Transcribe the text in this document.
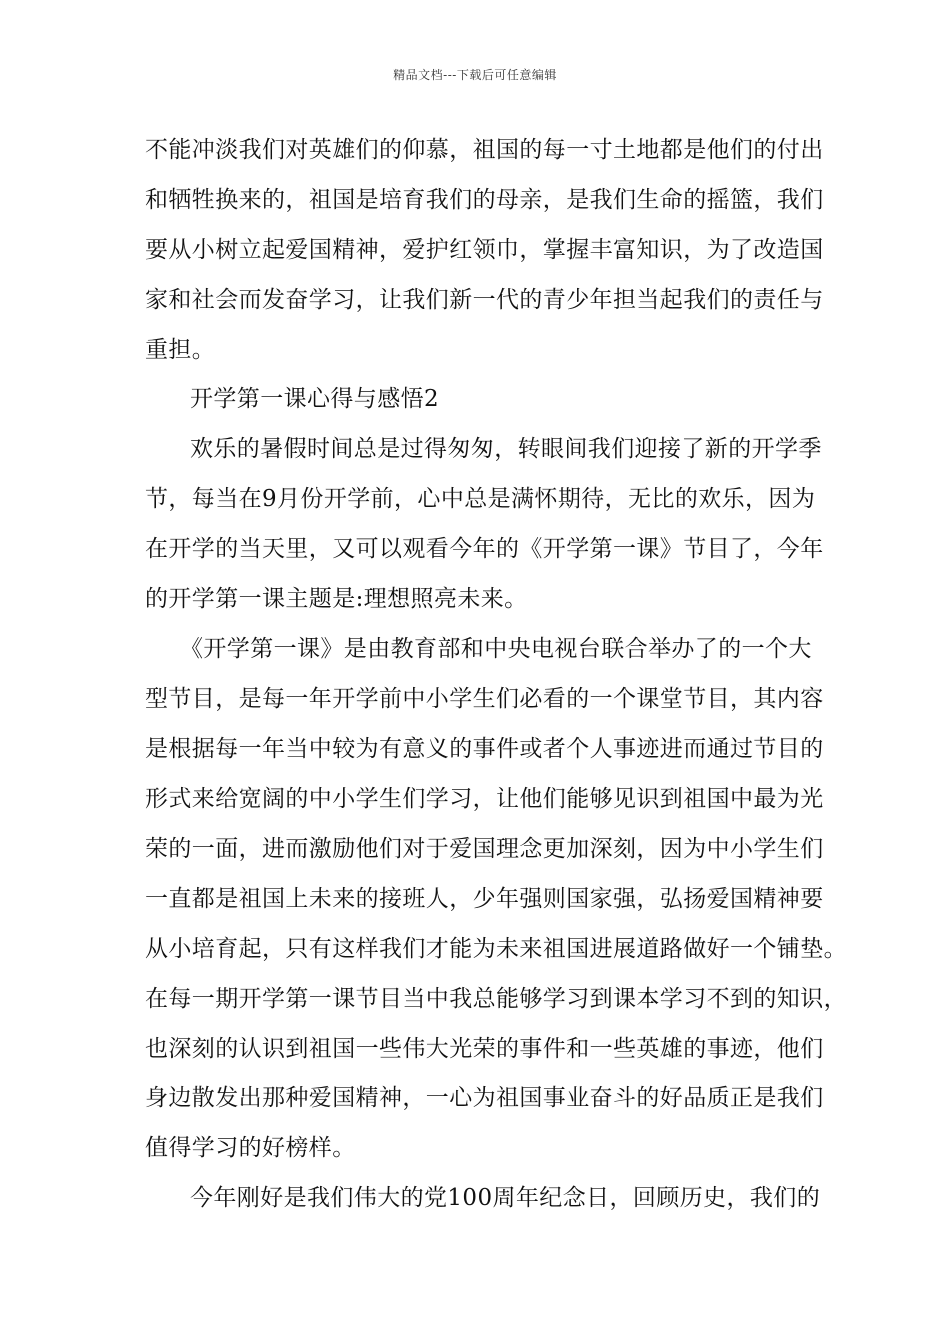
精品文档---下载后可任意编辑
不能冲淡我们对英雄们的仰慕，祖国的每一寸土地都是他们的付出
和牺牲换来的，祖国是培育我们的母亲，是我们生命的摇篮，我们
要从小树立起爱国精神，爱护红领巾，掌握丰富知识，为了改造国
家和社会而发奋学习，让我们新一代的青少年担当起我们的责任与
重担。
开学第一课心得与感悟2
欢乐的暑假时间总是过得匆匆，转眼间我们迎接了新的开学季
节，每当在9月份开学前，心中总是满怀期待，无比的欢乐，因为
在开学的当天里，又可以观看今年的《开学第一课》节目了，今年
的开学第一课主题是:理想照亮未来。
《开学第一课》是由教育部和中央电视台联合举办了的一个大
型节目，是每一年开学前中小学生们必看的一个课堂节目，其内容
是根据每一年当中较为有意义的事件或者个人事迹进而通过节目的
形式来给宽阔的中小学生们学习，让他们能够见识到祖国中最为光
荣的一面，进而激励他们对于爱国理念更加深刻，因为中小学生们
一直都是祖国上未来的接班人，少年强则国家强，弘扬爱国精神要
从小培育起，只有这样我们才能为未来祖国进展道路做好一个铺垫。
在每一期开学第一课节目当中我总能够学习到课本学习不到的知识，
也深刻的认识到祖国一些伟大光荣的事件和一些英雄的事迹，他们
身边散发出那种爱国精神，一心为祖国事业奋斗的好品质正是我们
值得学习的好榜样。
今年刚好是我们伟大的党100周年纪念日，回顾历史，我们的
